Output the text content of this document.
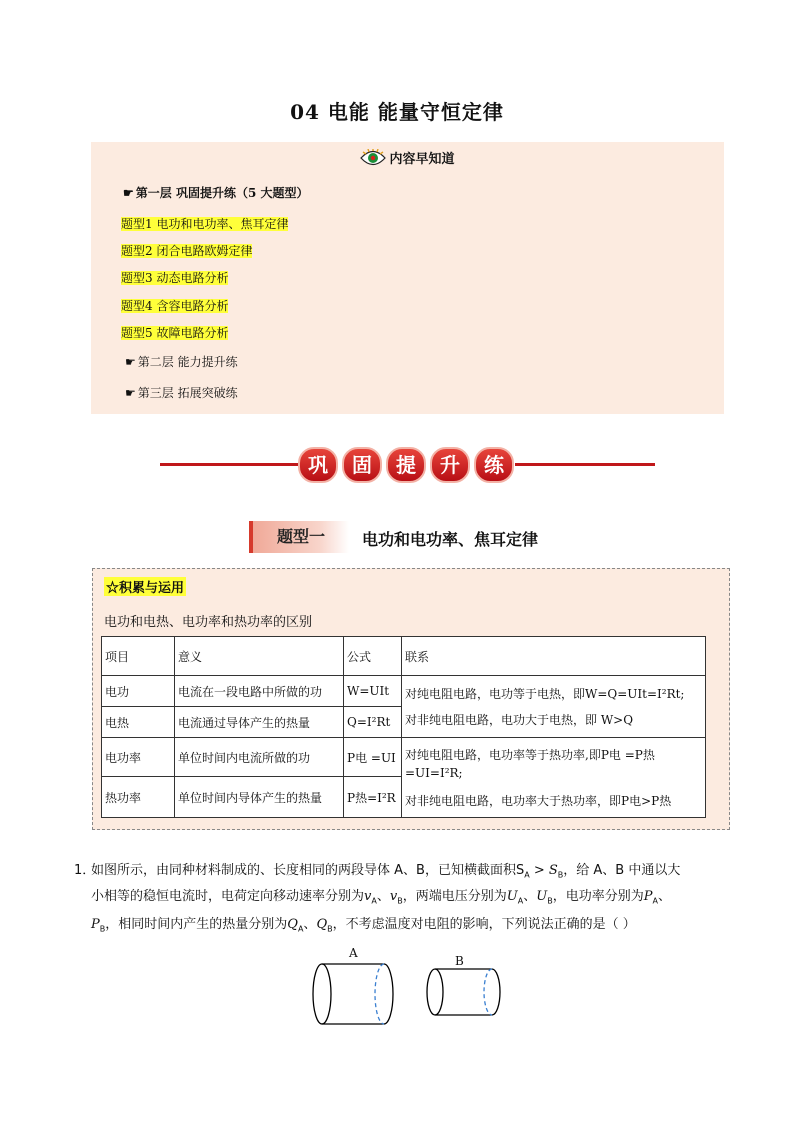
04 电能 能量守恒定律
内容早知道
☛ 第一层 巩固提升练（5 大题型）
题型1 电功和电功率、焦耳定律
题型2 闭合电路欧姆定律
题型3 动态电路分析
题型4 含容电路分析
题型5 故障电路分析
☛ 第二层 能力提升练
☛ 第三层 拓展突破练
巩 固 提 升 练
题型一	电功和电功率、焦耳定律
☆积累与运用
电功和电热、电功率和热功率的区别
项目	意义	公式	联系
电功	电流在一段电路中所做的功	W=UIt	对纯电阻电路，电功等于电热，即W=Q=UIt=I²Rt;
对非纯电阻电路，电功大于电热，即 W>Q

电热	电流通过导体产生的热量	Q=I²Rt	
电功率	单位时间内电流所做的功	P电 =UI	对纯电阻电路，电功率等于热功率,即P电 =P热
=UI=I²R;
对非纯电阻电路，电功率大于热功率，即P电>P热

热功率	单位时间内导体产生的热量	P热=I²R	
1．
如图所示，由同种材料制成的、长度相同的两段导体 A、B，已知横截面积$S_A > S_B$，给 A、B 中通以大
小相等的稳恒电流时，电荷定向移动速率分别为$v_A$、$v_B$，两端电压分别为$U_A$、$U_B$，电功率分别为$P_A$、
$P_B$，相同时间内产生的热量分别为$Q_A$、$Q_B$，不考虑温度对电阻的影响，下列说法正确的是（ ）
A
B
